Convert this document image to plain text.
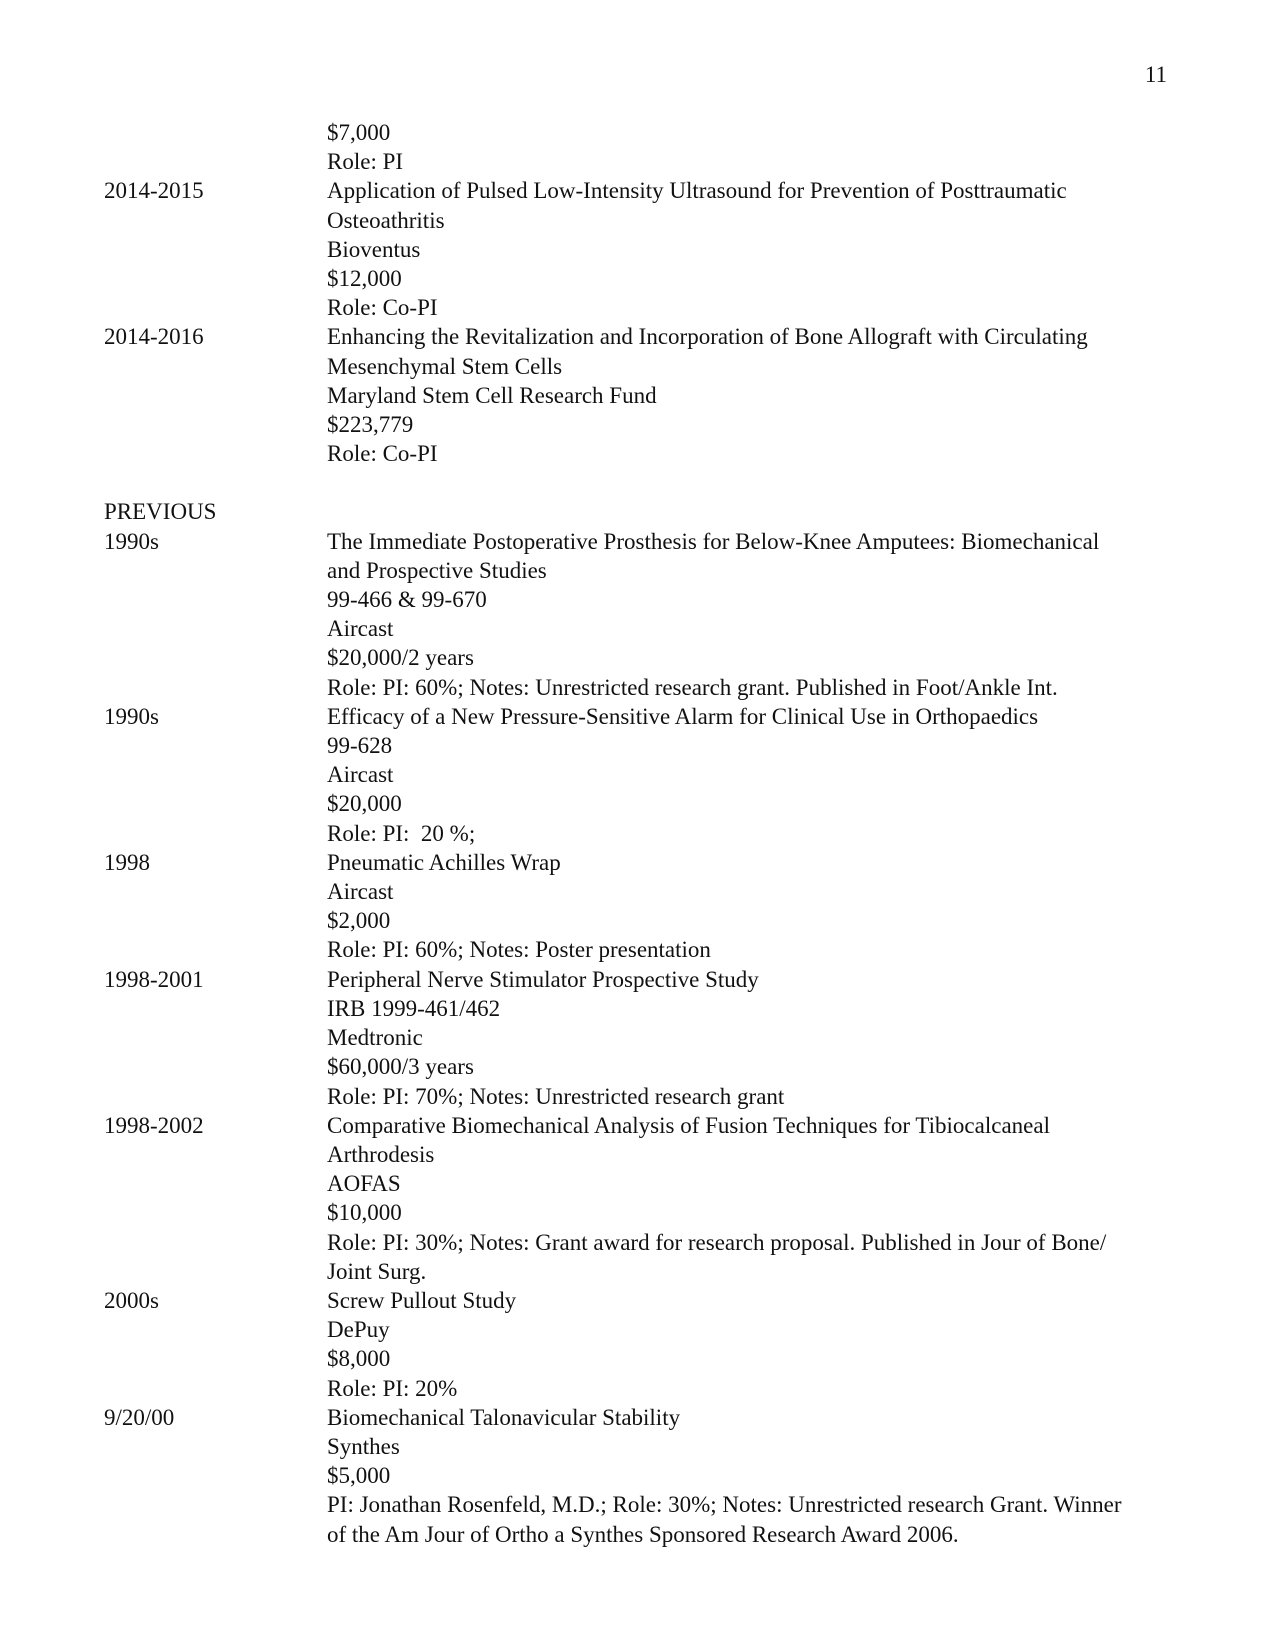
11
$7,000
Role: PI
2014-2015	Application of Pulsed Low-Intensity Ultrasound for Prevention of Posttraumatic
Osteoathritis
Bioventus
$12,000
Role: Co-PI
2014-2016	Enhancing the Revitalization and Incorporation of Bone Allograft with Circulating
Mesenchymal Stem Cells
Maryland Stem Cell Research Fund
$223,779
Role: Co-PI
PREVIOUS
1990s	The Immediate Postoperative Prosthesis for Below-Knee Amputees: Biomechanical
and Prospective Studies
99-466 & 99-670
Aircast
$20,000/2 years
Role: PI: 60%; Notes: Unrestricted research grant. Published in Foot/Ankle Int.
1990s	Efficacy of a New Pressure-Sensitive Alarm for Clinical Use in Orthopaedics
99-628
Aircast
$20,000
Role: PI:  20 %;
1998	Pneumatic Achilles Wrap
Aircast
$2,000
Role: PI: 60%; Notes: Poster presentation
1998-2001	Peripheral Nerve Stimulator Prospective Study
IRB 1999-461/462
Medtronic
$60,000/3 years
Role: PI: 70%; Notes: Unrestricted research grant
1998-2002	Comparative Biomechanical Analysis of Fusion Techniques for Tibiocalcaneal
Arthrodesis
AOFAS
$10,000
Role: PI: 30%; Notes: Grant award for research proposal. Published in Jour of Bone/
Joint Surg.
2000s	Screw Pullout Study
DePuy
$8,000
Role: PI: 20%
9/20/00	Biomechanical Talonavicular Stability
Synthes
$5,000
PI: Jonathan Rosenfeld, M.D.; Role: 30%; Notes: Unrestricted research Grant. Winner
of the Am Jour of Ortho a Synthes Sponsored Research Award 2006.
